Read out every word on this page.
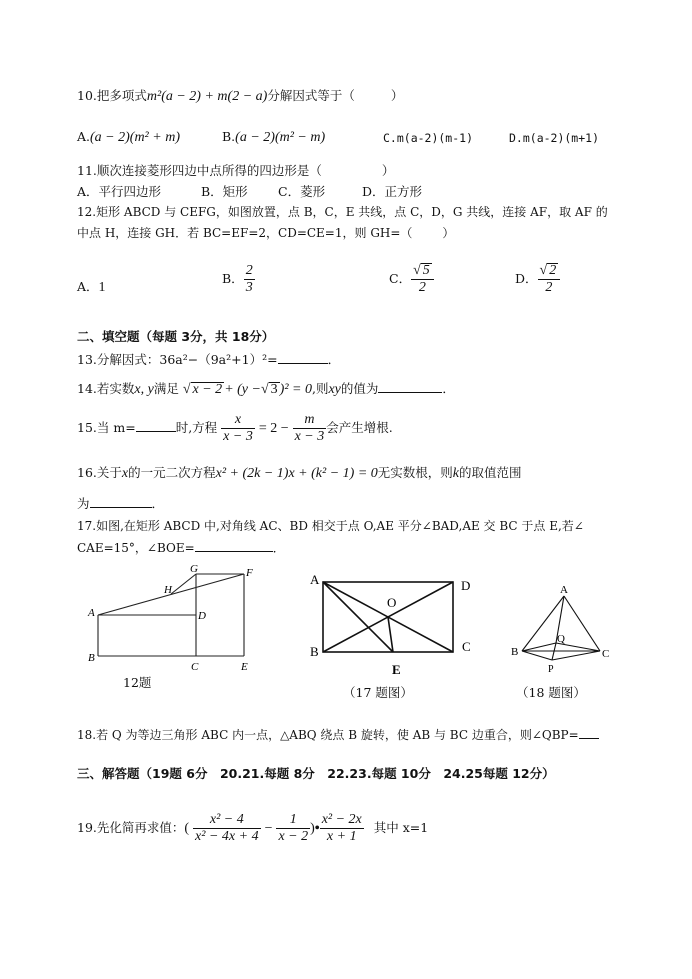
10.把多项式m²(a − 2) + m(2 − a)分解因式等于（	）
A.(a − 2)(m² + m)	B.(a − 2)(m² − m)	C.m(a-2)(m-1)	D.m(a-2)(m+1)
11.顺次连接菱形四边中点所得的四边形是（	）
A．平行四边形	B．矩形 C．菱形	D．正方形
12.矩形 ABCD 与 CEFG，如图放置，点 B，C，E 共线，点 C，D，G 共线，连接 AF，取 AF 的
中点 H，连接 GH．若 BC=EF=2，CD=CE=1，则 GH=（	）
A．1
B． $\frac{2}{3}$	C． $\frac{√ 5}{2}$	D． $\frac{√ 2}{2}$
二、填空题（每题 3分，共 18分）
13.分解因式：36a²−（9a²+1）²=	．
14.若实数x, y满足 √ x − 2 + (y −√ 3 )² = 0,则xy的值为	．
15.当 m=	时,方程 $\frac{x}{x - 3} = 2 - \frac{m}{x - 3}$ 会产生增根.
16.关于x的一元二次方程x² + (2k − 1)x + (k² − 1) = 0无实数根，则k的取值范围
为	．
17.如图,在矩形 ABCD 中,对角线 AC、BD 相交于点 O,AE 平分∠BAD,AE 交 BC 于点 E,若∠
CAE=15°，∠BOE=	．
A
B
C
D
E
F
G
H
12题
A
B	C
D
O
E
（17 题图）
A
B	C
Q
P
（18 题图）
18.若 Q 为等边三角形 ABC 内一点，△ABQ 绕点 B 旋转，使 AB 与 BC 边重合，则∠QBP=
三、解答题（19题 6分　20.21.每题 8分　22.23.每题 10分　24.25每题 12分）
19.先化简再求值：( $\frac{\text{x² − 4}}{\text{x² − 4x + 4}} - \frac{1}{x - 2}$ )• $\frac{\text{x² − 2x}}{x + 1}$ 其中 x=1
